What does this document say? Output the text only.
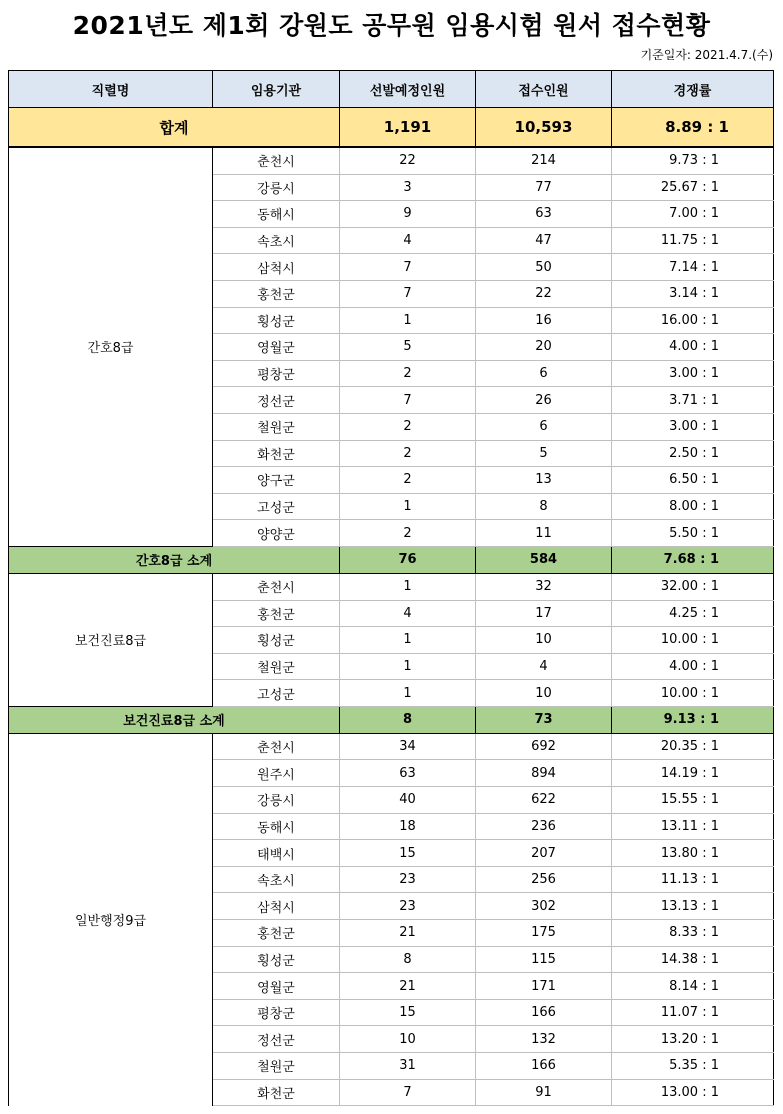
2021년도 제1회 강원도 공무원 임용시험 원서 접수현황
기준일자: 2021.4.7.(수)
직렬명	임용기관	선발예정인원	접수인원	경쟁률
합계		1,191	10,593	8.89 : 1
간호8급	춘천시	22	214	9.73 : 1
	강릉시	3	77	25.67 : 1
	동해시	9	63	7.00 : 1
	속초시	4	47	11.75 : 1
	삼척시	7	50	7.14 : 1
	홍천군	7	22	3.14 : 1
	횡성군	1	16	16.00 : 1
	영월군	5	20	4.00 : 1
	평창군	2	6	3.00 : 1
	정선군	7	26	3.71 : 1
	철원군	2	6	3.00 : 1
	화천군	2	5	2.50 : 1
	양구군	2	13	6.50 : 1
	고성군	1	8	8.00 : 1
	양양군	2	11	5.50 : 1
간호8급 소계		76	584	7.68 : 1
보건진료8급	춘천시	1	32	32.00 : 1
	홍천군	4	17	4.25 : 1
	횡성군	1	10	10.00 : 1
	철원군	1	4	4.00 : 1
	고성군	1	10	10.00 : 1
보건진료8급 소계		8	73	9.13 : 1
일반행정9급	춘천시	34	692	20.35 : 1
	원주시	63	894	14.19 : 1
	강릉시	40	622	15.55 : 1
	동해시	18	236	13.11 : 1
	태백시	15	207	13.80 : 1
	속초시	23	256	11.13 : 1
	삼척시	23	302	13.13 : 1
	홍천군	21	175	8.33 : 1
	횡성군	8	115	14.38 : 1
	영월군	21	171	8.14 : 1
	평창군	15	166	11.07 : 1
	정선군	10	132	13.20 : 1
	철원군	31	166	5.35 : 1
	화천군	7	91	13.00 : 1
